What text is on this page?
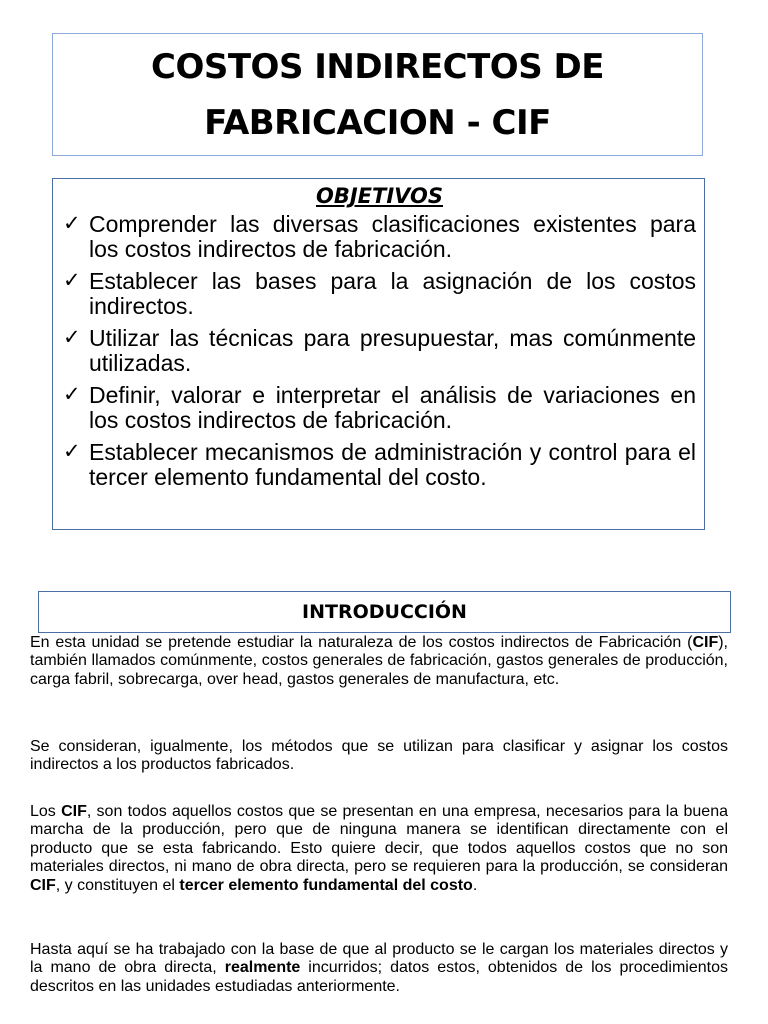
COSTOS INDIRECTOS DE
FABRICACION - CIF
OBJETIVOS
✓ Comprender las diversas clasificaciones existentes para los costos indirectos de fabricación.
✓ Establecer las bases para la asignación de los costos indirectos.
✓ Utilizar las técnicas para presupuestar, mas comúnmente utilizadas.
✓ Definir, valorar e interpretar el análisis de variaciones en los costos indirectos de fabricación.
✓ Establecer mecanismos de administración y control para el tercer elemento fundamental del costo.
INTRODUCCIÓN

En esta unidad se pretende estudiar la naturaleza de los costos indirectos de Fabricación (CIF), también llamados comúnmente, costos generales de fabricación, gastos generales de producción, carga fabril, sobrecarga, over head, gastos generales de manufactura, etc.

Se consideran, igualmente, los métodos que se utilizan para clasificar y asignar los costos indirectos a los productos fabricados.

Los CIF, son todos aquellos costos que se presentan en una empresa, necesarios para la buena marcha de la producción, pero que de ninguna manera se identifican directamente con el producto que se esta fabricando. Esto quiere decir, que todos aquellos costos que no son materiales directos, ni mano de obra directa, pero se requieren para la producción, se consideran CIF, y constituyen el tercer elemento fundamental del costo.

Hasta aquí se ha trabajado con la base de que al producto se le cargan los materiales directos y la mano de obra directa, realmente incurridos; datos estos, obtenidos de los procedimientos descritos en las unidades estudiadas anteriormente.
